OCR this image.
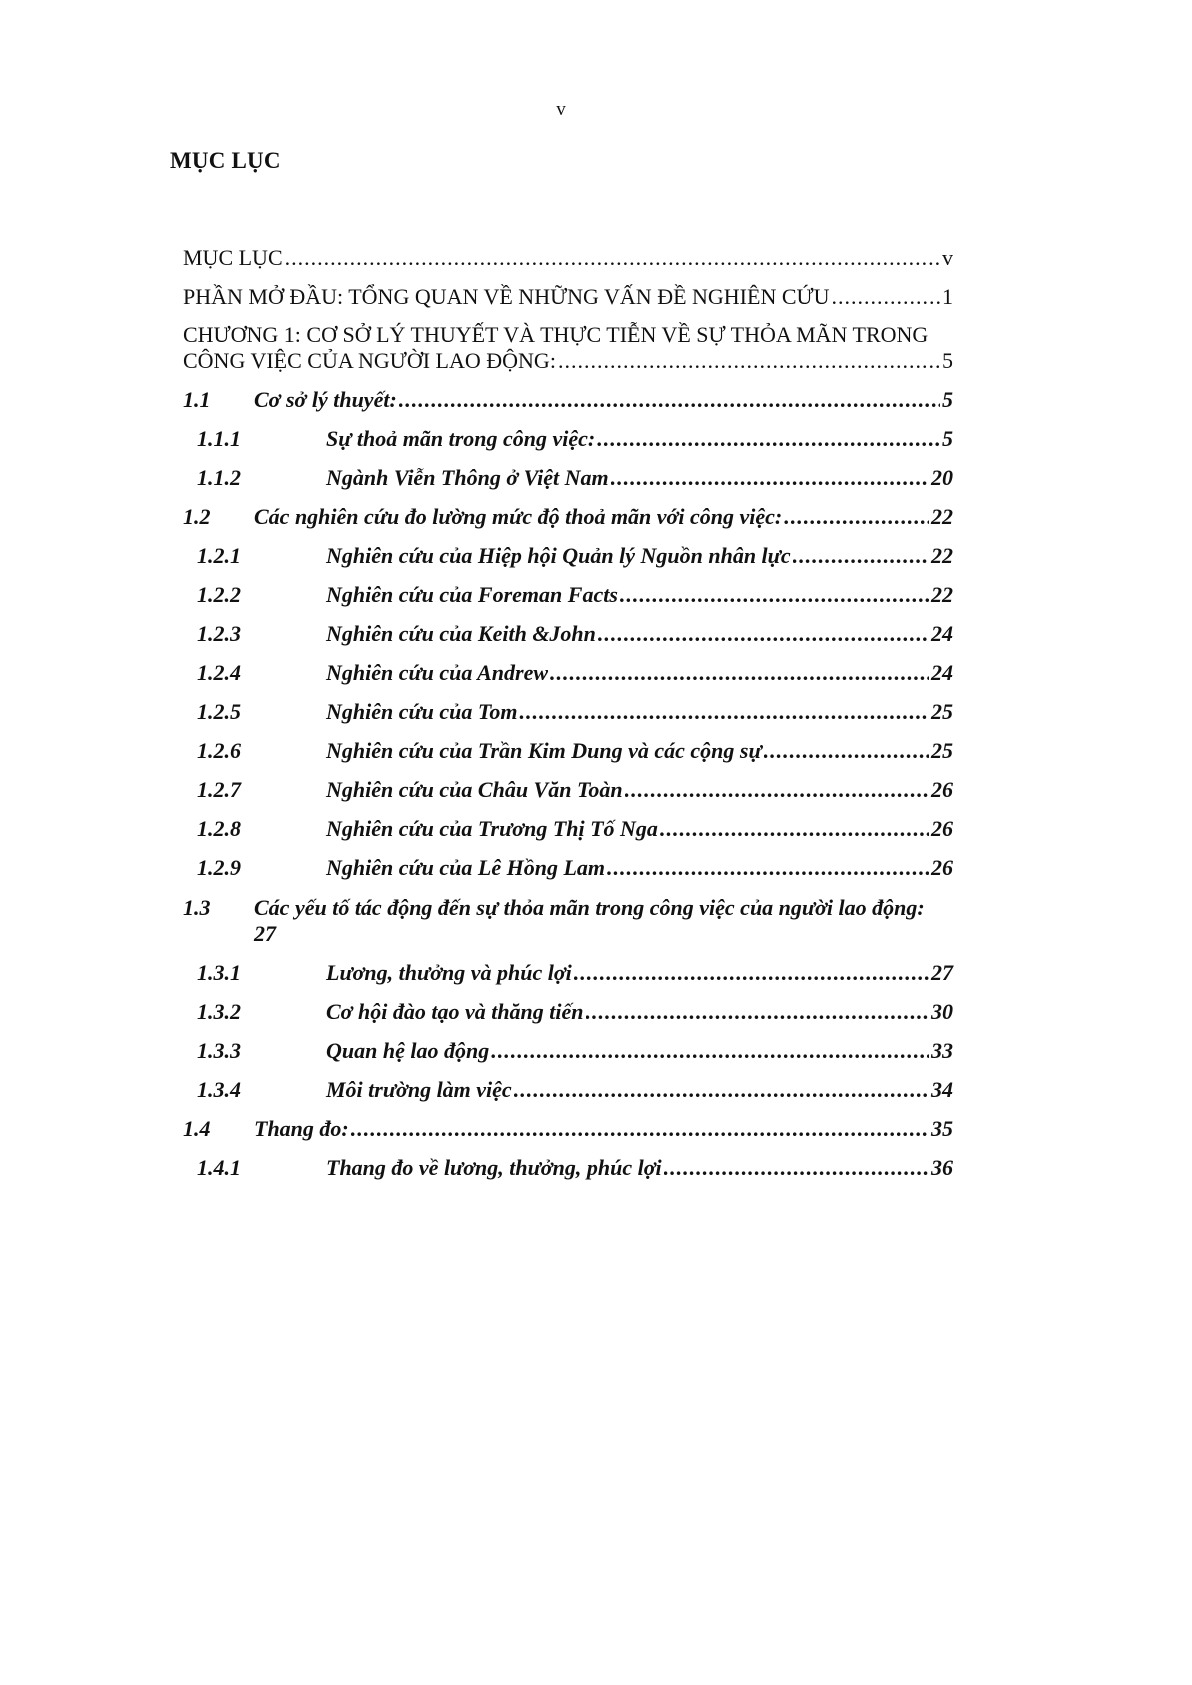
v
MỤC LỤC
MỤC LỤC .....	v
PHẦN MỞ ĐẦU: TỔNG QUAN VỀ NHỮNG VẤN ĐỀ NGHIÊN CỨU .....	1
CHƯƠNG 1: CƠ SỞ LÝ THUYẾT VÀ THỰC TIỄN VỀ SỰ THỎA MÃN TRONG
CÔNG VIỆC CỦA NGƯỜI LAO ĐỘNG: .....	5
1.1	Cơ sở lý thuyết: .....	5
1.1.1	Sự thoả mãn trong công việc: .....	5
1.1.2	Ngành Viễn Thông ở Việt Nam .....	20
1.2	Các nghiên cứu đo lường mức độ thoả mãn với công việc: .....	22
1.2.1	Nghiên cứu của Hiệp hội Quản lý Nguồn nhân lực .....	22
1.2.2	Nghiên cứu của Foreman Facts .....	22
1.2.3	Nghiên cứu của Keith &John .....	24
1.2.4	Nghiên cứu của Andrew .....	24
1.2.5	Nghiên cứu của Tom .....	25
1.2.6	Nghiên cứu của Trần Kim Dung và các cộng sự .....	25
1.2.7	Nghiên cứu của Châu Văn Toàn .....	26
1.2.8	Nghiên cứu của Trương Thị Tố Nga .....	26
1.2.9	Nghiên cứu của Lê Hồng Lam .....	26
1.3	Các yếu tố tác động đến sự thỏa mãn trong công việc của người lao động:
27
1.3.1	Lương, thưởng và phúc lợi .....	27
1.3.2	Cơ hội đào tạo và thăng tiến .....	30
1.3.3	Quan hệ lao động .....	33
1.3.4	Môi trường làm việc .....	34
1.4	Thang đo: .....	35
1.4.1	Thang đo về lương, thưởng, phúc lợi .....	36
